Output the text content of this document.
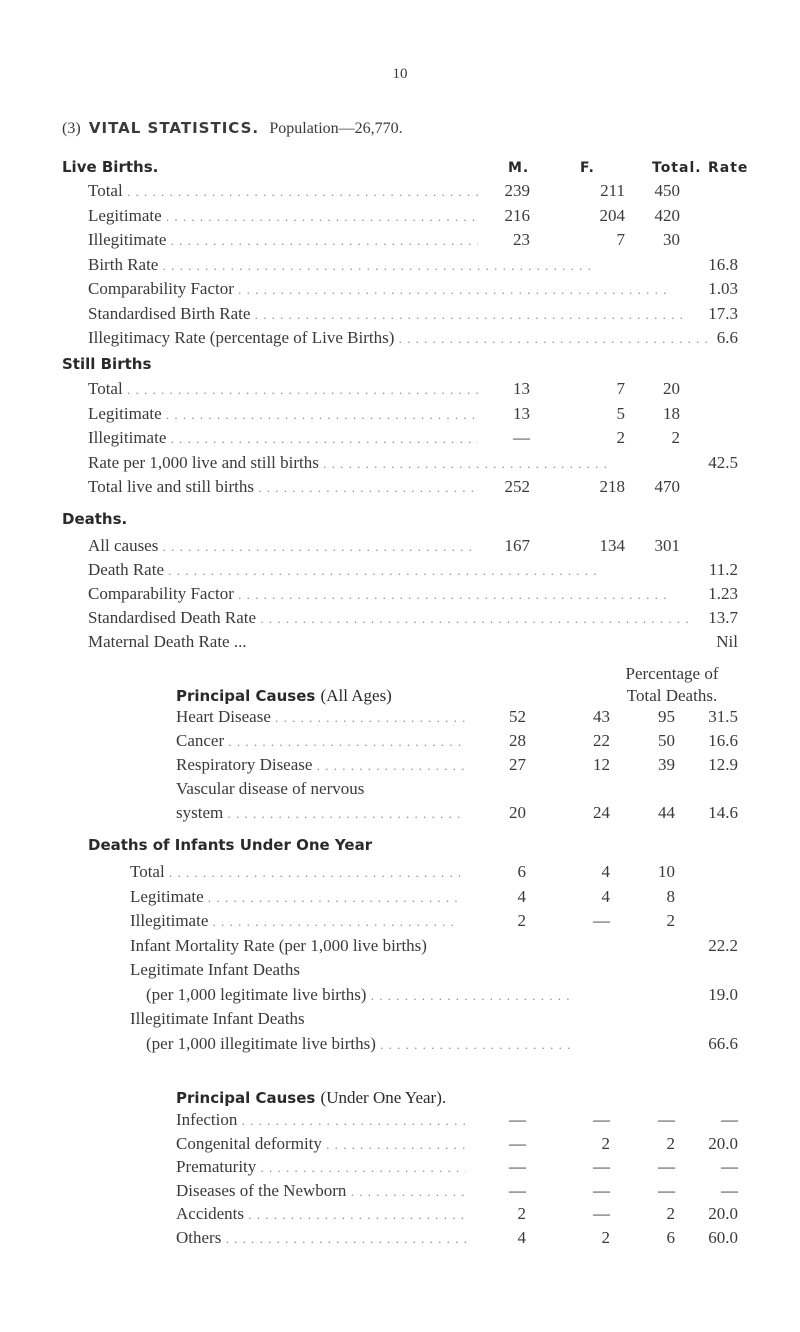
10
(3) VITAL STATISTICS. Population—26,770.
Live Births.	M.	F.	Total. Rate
Total . . .	239	211	450
Legitimate . . .	216	204	420
Illegitimate . . .	23	7	30
Birth Rate . . .	16.8
Comparability Factor . . .	1.03
Standardised Birth Rate . . .	17.3
Illegitimacy Rate (percentage of Live Births) . . .	6.6
Still Births
Total . . .	13	7	20
Legitimate . . .	13	5	18
Illegitimate . . .	—	2	2
Rate per 1,000 live and still births . . .	42.5
Total live and still births . . .	252	218	470
Deaths.
All causes . . .	167	134	301
Death Rate . . .	11.2
Comparability Factor . . .	1.23
Standardised Death Rate . . .	13.7
Maternal Death Rate ...	Nil
Percentage of
Total Deaths.
Principal Causes (All Ages)
Heart Disease . . .	52	43	95	31.5
Cancer . . .	28	22	50	16.6
Respiratory Disease . . .	27	12	39	12.9
Vascular disease of nervous
system . . .	20	24	44	14.6
Deaths of Infants Under One Year
Total . . .	6	4	10
Legitimate . . .	4	4	8
Illegitimate . . .	2	—	2
Infant Mortality Rate (per 1,000 live births)	22.2
Legitimate Infant Deaths
(per 1,000 legitimate live births) . . .	19.0
Illegitimate Infant Deaths
(per 1,000 illegitimate live births) . . .	66.6
Principal Causes (Under One Year).
Infection . . .	—	—	—	—
Congenital deformity . . .	—	2	2	20.0
Prematurity . . .	—	—	—	—
Diseases of the Newborn . . .	—	—	—	—
Accidents . . .	2	—	2	20.0
Others . . .	4	2	6	60.0
